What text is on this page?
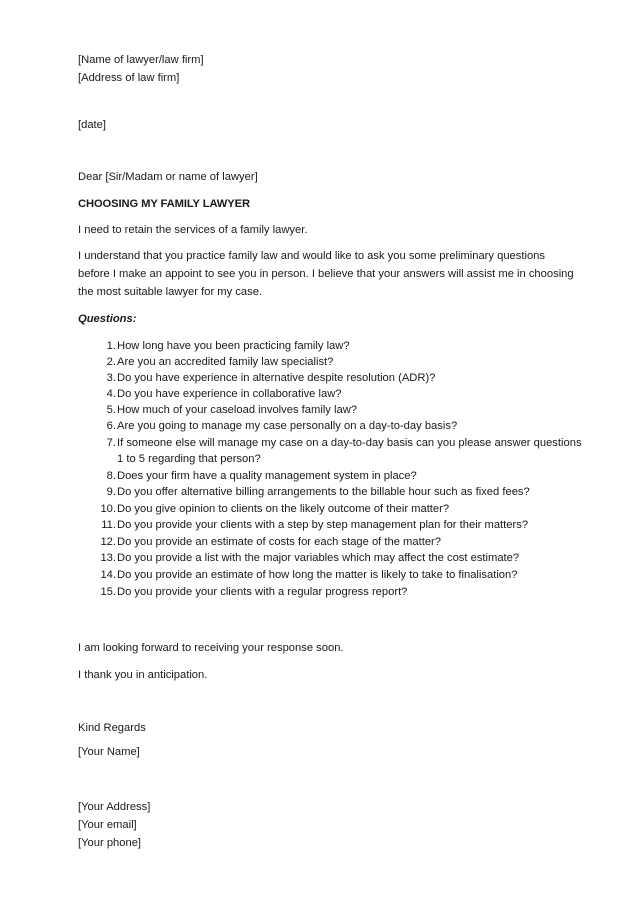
[Name of lawyer/law firm]
[Address of law firm]
[date]
Dear [Sir/Madam or name of lawyer]
CHOOSING MY FAMILY LAWYER
I need to retain the services of a family lawyer.
I understand that you practice family law and would like to ask you some preliminary questions
before I make an appoint to see you in person. I believe that your answers will assist me in choosing
the most suitable lawyer for my case.
Questions:
1. How long have you been practicing family law?
2. Are you an accredited family law specialist?
3. Do you have experience in alternative despite resolution (ADR)?
4. Do you have experience in collaborative law?
5. How much of your caseload involves family law?
6. Are you going to manage my case personally on a day-to-day basis?
7. If someone else will manage my case on a day-to-day basis can you please answer questions
1 to 5 regarding that person?
8. Does your firm have a quality management system in place?
9. Do you offer alternative billing arrangements to the billable hour such as fixed fees?
10. Do you give opinion to clients on the likely outcome of their matter?
11. Do you provide your clients with a step by step management plan for their matters?
12. Do you provide an estimate of costs for each stage of the matter?
13. Do you provide a list with the major variables which may affect the cost estimate?
14. Do you provide an estimate of how long the matter is likely to take to finalisation?
15. Do you provide your clients with a regular progress report?
I am looking forward to receiving your response soon.
I thank you in anticipation.
Kind Regards
[Your Name]
[Your Address]
[Your email]
[Your phone]
